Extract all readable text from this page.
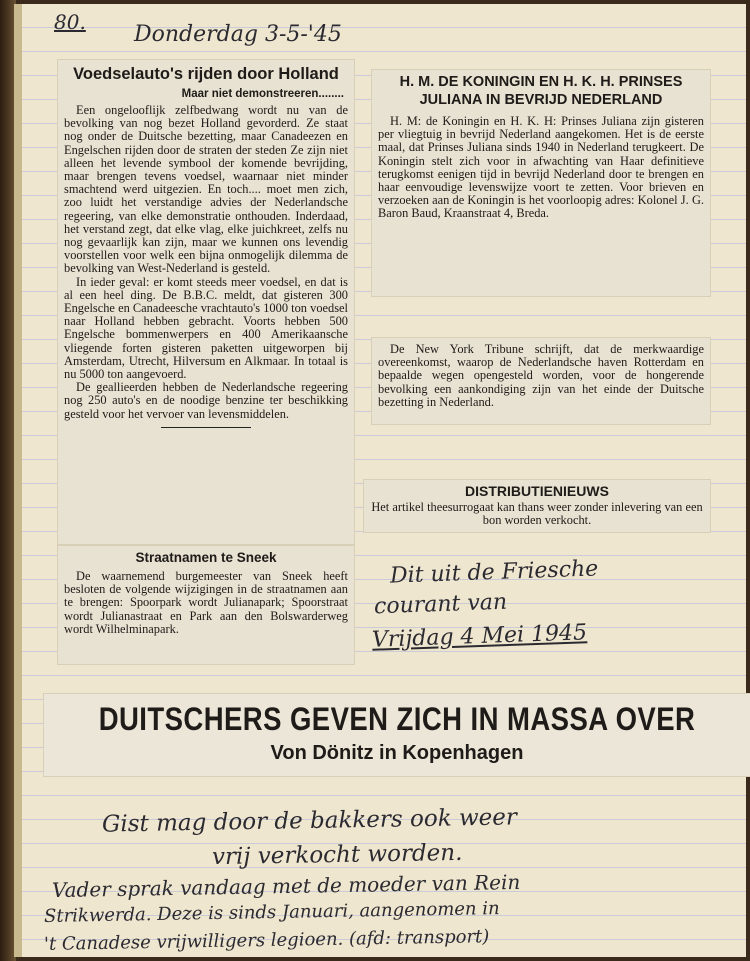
80. Donderdag 3-5-'45
Voedselauto's rijden door Holland
Maar niet demonstreeren........

Een ongelooflijk zelfbedwang wordt nu van de bevolking van nog bezet Holland gevorderd. Ze staat nog onder de Duitsche bezetting, maar Canadeezen en Engelschen rijden door de straten der steden Ze zijn niet alleen het levende symbool der komende bevrijding, maar brengen tevens voedsel, waarnaar niet minder smachtend werd uitgezien. En toch.... moet men zich, zoo luidt het verstandige advies der Nederlandsche regeering, van elke demonstratie onthouden. Inderdaad, het verstand zegt, dat elke vlag, elke juichkreet, zelfs nu nog gevaarlijk kan zijn, maar we kunnen ons levendig voorstellen voor welk een bijna onmogelijk dilemma de bevolking van West-Nederland is gesteld.

In ieder geval: er komt steeds meer voedsel, en dat is al een heel ding. De B.B.C. meldt, dat gisteren 300 Engelsche en Canadeesche vrachtauto's 1000 ton voedsel naar Holland hebben gebracht. Voorts hebben 500 Engelsche bommenwerpers en 400 Amerikaansche vliegende forten gisteren paketten uitgeworpen bij Amsterdam, Utrecht, Hilversum en Alkmaar. In totaal is nu 5000 ton aangevoerd.

De geallieerden hebben de Nederlandsche regeering nog 250 auto's en de noodige benzine ter beschikking gesteld voor het vervoer van levensmiddelen.

Straatnamen te Sneek

De waarnemend burgemeester van Sneek heeft besloten de volgende wijzigingen in de straatnamen aan te brengen: Spoorpark wordt Julianapark; Spoorstraat wordt Julianastraat en Park aan den Bolswarderweg wordt Wilhelminapark.

H. M. DE KONINGIN EN H. K. H. PRINSES JULIANA IN BEVRIJD NEDERLAND

H. M: de Koningin en H. K. H: Prinses Juliana zijn gisteren per vliegtuig in bevrijd Nederland aangekomen. Het is de eerste maal, dat Prinses Juliana sinds 1940 in Nederland terugkeert. De Koningin stelt zich voor in afwachting van Haar definitieve terugkomst eenigen tijd in bevrijd Nederland door te brengen en haar eenvoudige levenswijze voort te zetten. Voor brieven en verzoeken aan de Koningin is het voorloopig adres: Kolonel J. G. Baron Baud, Kraanstraat 4, Breda.

De New York Tribune schrijft, dat de merkwaardige overeenkomst, waarop de Nederlandsche haven Rotterdam en bepaalde wegen opengesteld worden, voor de hongerende bevolking een aankondiging zijn van het einde der Duitsche bezetting in Nederland.

DISTRIBUTIENIEUWS
Het artikel theesurrogaat kan thans weer zonder inlevering van een bon worden verkocht.
Dit uit de Friesche
courant van
Vrijdag 4 Mei 1945
DUITSCHERS GEVEN ZICH IN MASSA OVER
Von Dönitz in Kopenhagen
Gist mag door de bakkers ook weer
vrij verkocht worden.
Vader sprak vandaag met de moeder van Rein
Strikwerda. Deze is sinds Januari, aangenomen in
't Canadese vrijwilligers legioen. (afd: transport)
